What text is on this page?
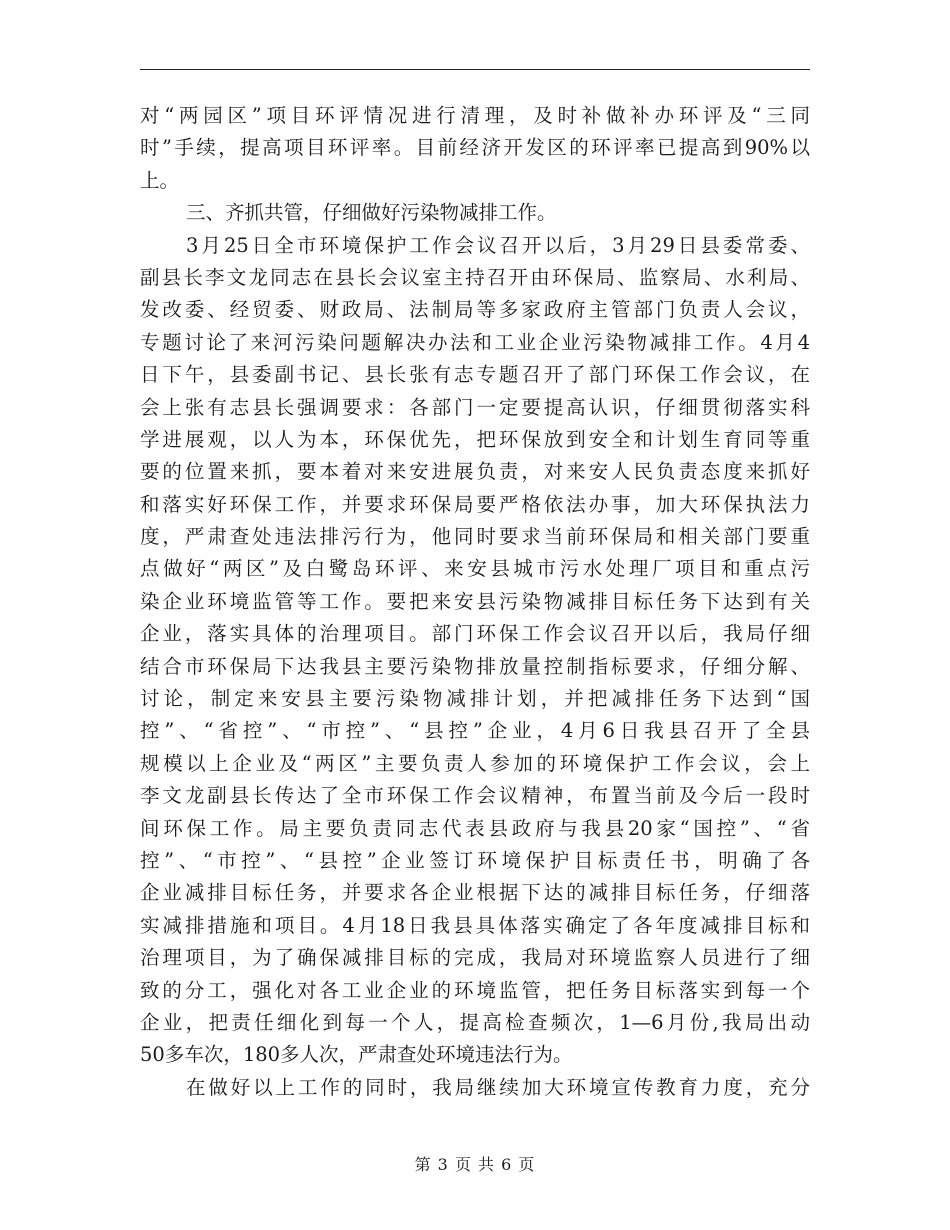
对“两园区”项目环评情况进行清理，及时补做补办环评及“三同
时”手续，提高项目环评率。目前经济开发区的环评率已提高到90%以
上。
三、齐抓共管，仔细做好污染物减排工作。
3月25日全市环境保护工作会议召开以后，3月29日县委常委、
副县长李文龙同志在县长会议室主持召开由环保局、监察局、水利局、
发改委、经贸委、财政局、法制局等多家政府主管部门负责人会议，
专题讨论了来河污染问题解决办法和工业企业污染物减排工作。4月4
日下午，县委副书记、县长张有志专题召开了部门环保工作会议，在
会上张有志县长强调要求：各部门一定要提高认识，仔细贯彻落实科
学进展观，以人为本，环保优先，把环保放到安全和计划生育同等重
要的位置来抓，要本着对来安进展负责，对来安人民负责态度来抓好
和落实好环保工作，并要求环保局要严格依法办事，加大环保执法力
度，严肃查处违法排污行为，他同时要求当前环保局和相关部门要重
点做好“两区”及白鹭岛环评、来安县城市污水处理厂项目和重点污
染企业环境监管等工作。要把来安县污染物减排目标任务下达到有关
企业，落实具体的治理项目。部门环保工作会议召开以后，我局仔细
结合市环保局下达我县主要污染物排放量控制指标要求，仔细分解、
讨论，制定来安县主要污染物减排计划，并把减排任务下达到“国
控”、“省控”、“市控”、“县控”企业，4月6日我县召开了全县
规模以上企业及“两区”主要负责人参加的环境保护工作会议，会上
李文龙副县长传达了全市环保工作会议精神，布置当前及今后一段时
间环保工作。局主要负责同志代表县政府与我县20家“国控”、“省
控”、“市控”、“县控”企业签订环境保护目标责任书，明确了各
企业减排目标任务，并要求各企业根据下达的减排目标任务，仔细落
实减排措施和项目。4月18日我县具体落实确定了各年度减排目标和
治理项目，为了确保减排目标的完成，我局对环境监察人员进行了细
致的分工，强化对各工业企业的环境监管，把任务目标落实到每一个
企业，把责任细化到每一个人，提高检查频次，1—6月份,我局出动
50多车次，180多人次，严肃查处环境违法行为。
在做好以上工作的同时，我局继续加大环境宣传教育力度，充分
第 3 页 共 6 页
